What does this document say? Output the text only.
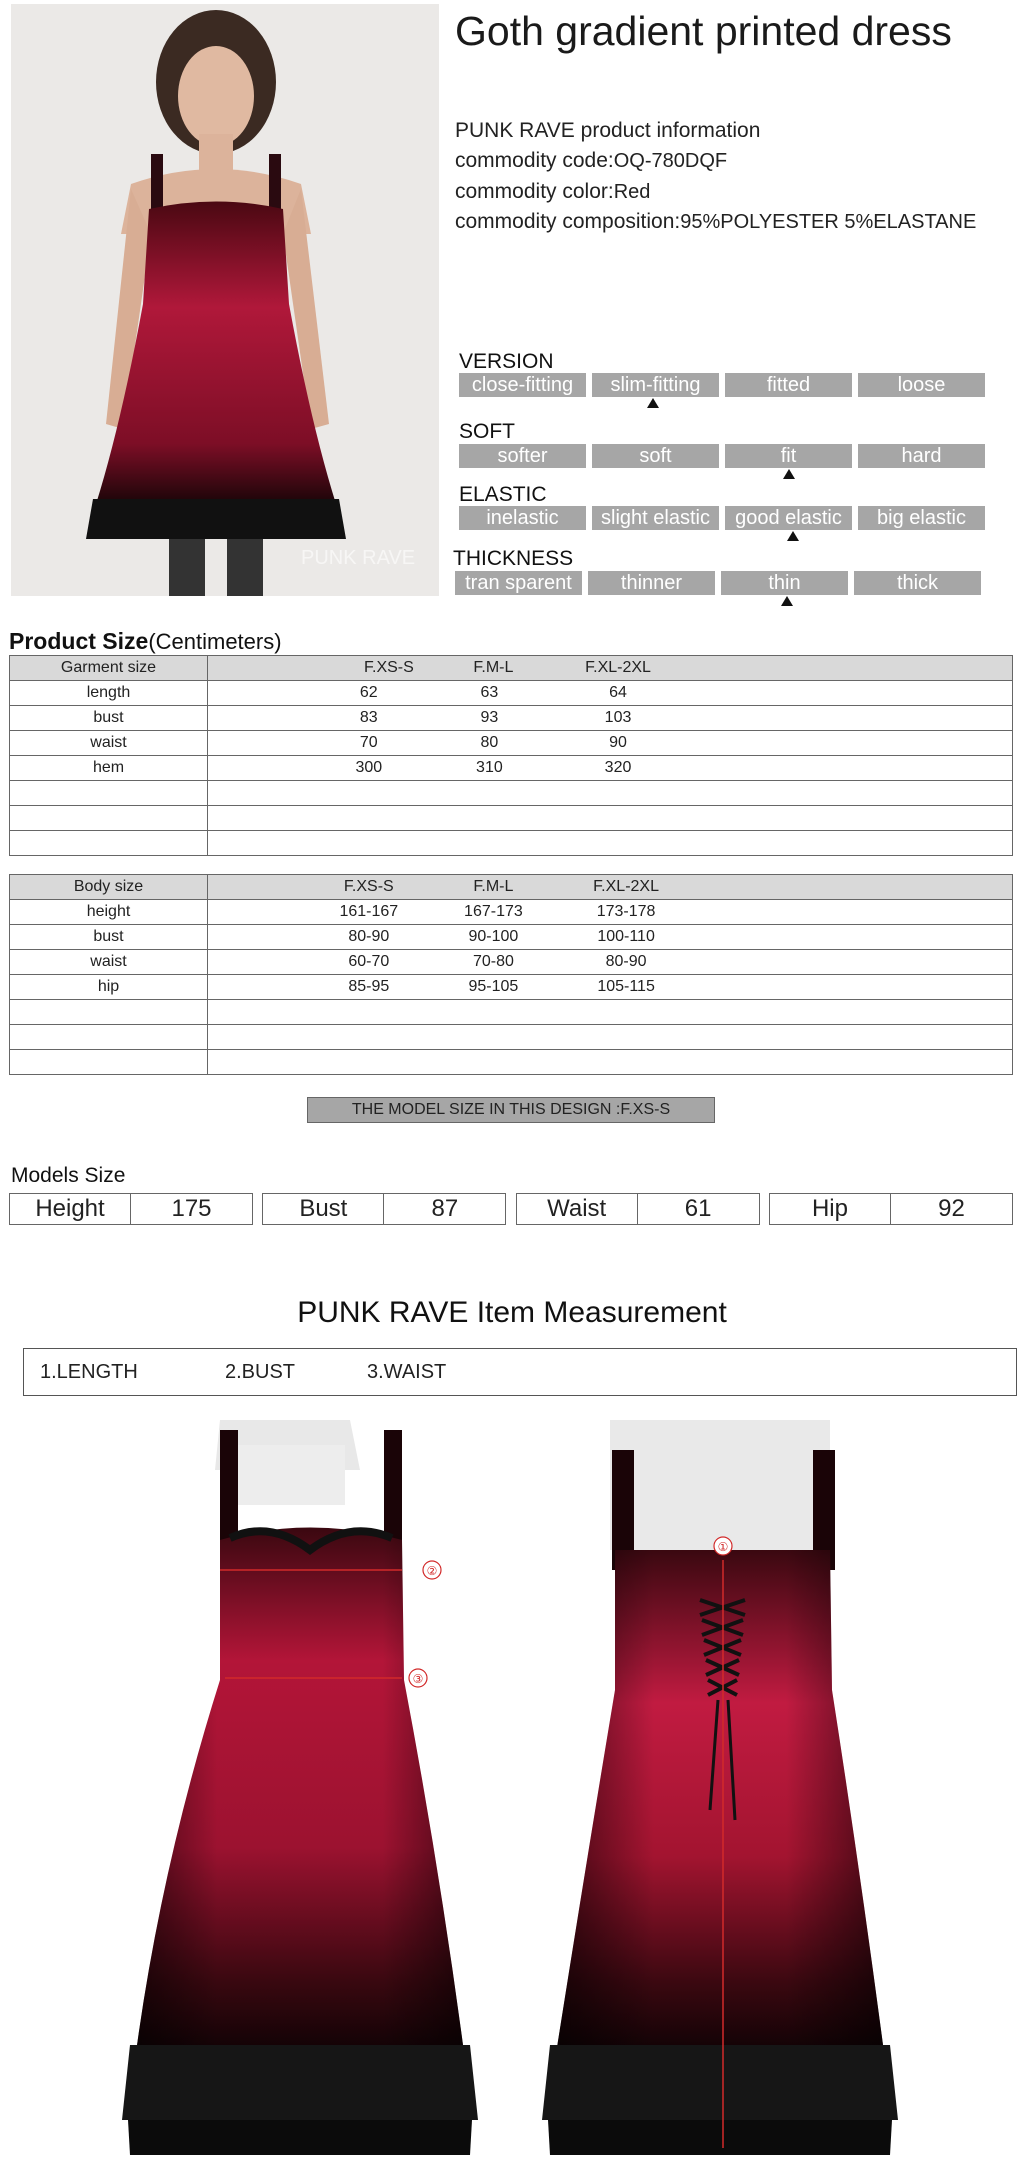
PUNK RAVE
Goth gradient printed dress
PUNK RAVE product information
commodity code:OQ-780DQF
commodity color:Red
commodity composition:95%POLYESTER 5%ELASTANE
VERSION
close-fitting	slim-fitting	fitted	loose
SOFT
softer	soft	fit	hard
ELASTIC
inelastic	slight elastic	good elastic	big elastic
THICKNESS
tran sparent	thinner	thin	thick
Product Size(Centimeters)
Garment size	F.XS-S F.M-L F.XL-2XL

length	62 63 64

bust	83 93 103

waist	70 80 90

hem	300 310 320

Body size	F.XS-S F.M-L F.XL-2XL

height	161-167 167-173 173-178

bust	80-90 90-100 100-110

waist	60-70 70-80 80-90

hip	85-95 95-105 105-115

THE MODEL SIZE IN THIS DESIGN :F.XS-S
Models Size
Height	175	Bust	87	Waist	61	Hip	92
PUNK RAVE Item Measurement
1.LENGTH	2.BUST	3.WAIST
②
③
①
